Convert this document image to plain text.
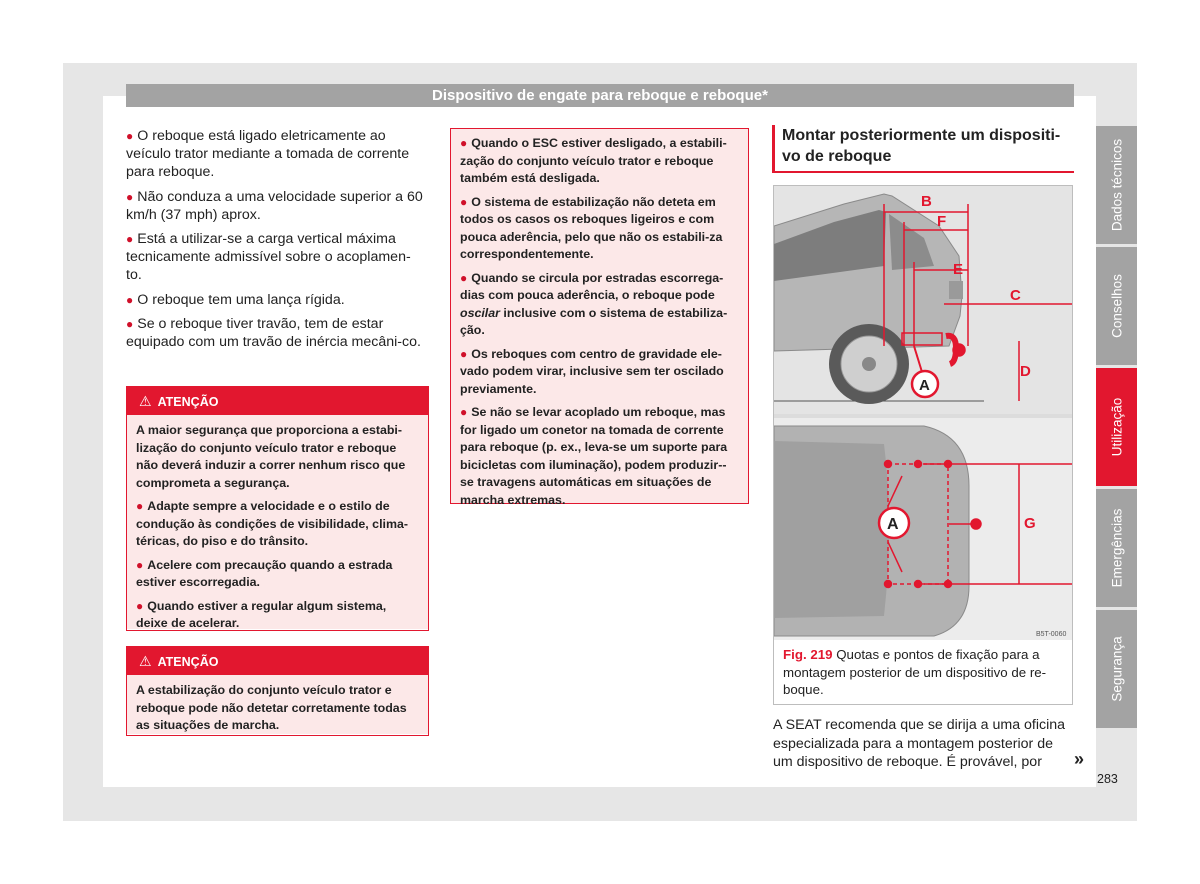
Dispositivo de engate para reboque e reboque*

● O reboque está ligado eletricamente ao veículo trator mediante a tomada de corrente para reboque.

● Não conduza a uma velocidade superior a 60 km/h (37 mph) aprox.

● Está a utilizar-se a carga vertical máxima tecnicamente admissível sobre o acoplamen-to.

● O reboque tem uma lança rígida.

● Se o reboque tiver travão, tem de estar equipado com um travão de inércia mecâni-co.

⚠ ATENÇÃO

A maior segurança que proporciona a estabi-lização do conjunto veículo trator e reboque não deverá induzir a correr nenhum risco que comprometa a segurança.

● Adapte sempre a velocidade e o estilo de condução às condições de visibilidade, clima-téricas, do piso e do trânsito.

● Acelere com precaução quando a estrada estiver escorregadia.

● Quando estiver a regular algum sistema, deixe de acelerar.

⚠ ATENÇÃO

A estabilização do conjunto veículo trator e reboque pode não detetar corretamente todas as situações de marcha.

● Quando o ESC estiver desligado, a estabili-zação do conjunto veículo trator e reboque também está desligada.

● O sistema de estabilização não deteta em todos os casos os reboques ligeiros e com pouca aderência, pelo que não os estabili-za correspondentemente.

● Quando se circula por estradas escorrega-dias com pouca aderência, o reboque pode oscilar inclusive com o sistema de estabiliza-ção.

● Os reboques com centro de gravidade ele-vado podem virar, inclusive sem ter oscilado previamente.

● Se não se levar acoplado um reboque, mas for ligado um conetor na tomada de corrente para reboque (p. ex., leva-se um suporte para bicicletas com iluminação), podem produzir--se travagens automáticas em situações de marcha extremas.

Montar posteriormente um dispositi-vo de reboque
B
F
E
C
D
A
A	G
B5T-0060
Fig. 219 Quotas e pontos de fixação para a montagem posterior de um dispositivo de re-boque.
A SEAT recomenda que se dirija a uma oficina especializada para a montagem posterior de um dispositivo de reboque. É provável, por	»
283
Dados técnicos
Conselhos
Utilização
Emergências
Segurança
